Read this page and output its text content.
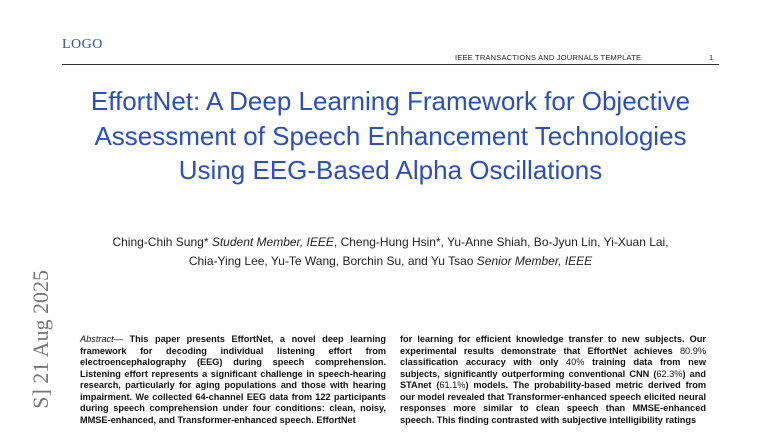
LOGO
IEEE TRANSACTIONS AND JOURNALS TEMPLATE	1
EffortNet: A Deep Learning Framework for Objective Assessment of Speech Enhancement Technologies Using EEG-Based Alpha Oscillations
Ching-Chih Sung* Student Member, IEEE, Cheng-Hung Hsin*, Yu-Anne Shiah, Bo-Jyun Lin, Yi-Xuan Lai,
Chia-Ying Lee, Yu-Te Wang, Borchin Su, and Yu Tsao Senior Member, IEEE
S] 21 Aug 2025	Abstract— This paper presents EffortNet, a novel deep learning framework for decoding individual listening effort from electroencephalography (EEG) during speech comprehension. Listening effort represents a significant challenge in speech-hearing research, particularly for aging populations and those with hearing impairment. We collected 64-channel EEG data from 122 participants during speech comprehension under four conditions: clean, noisy, MMSE-enhanced, and Transformer-enhanced speech. EffortNet
for learning for efficient knowledge transfer to new subjects. Our experimental results demonstrate that EffortNet achieves 80.9% classification accuracy with only 40% training data from new subjects, significantly outperforming conventional CNN (62.3%) and STAnet (61.1%) models. The probability-based metric derived from our model revealed that Transformer-enhanced speech elicited neural responses more similar to clean speech than MMSE-enhanced speech. This finding contrasted with subjective intelligibility ratings
